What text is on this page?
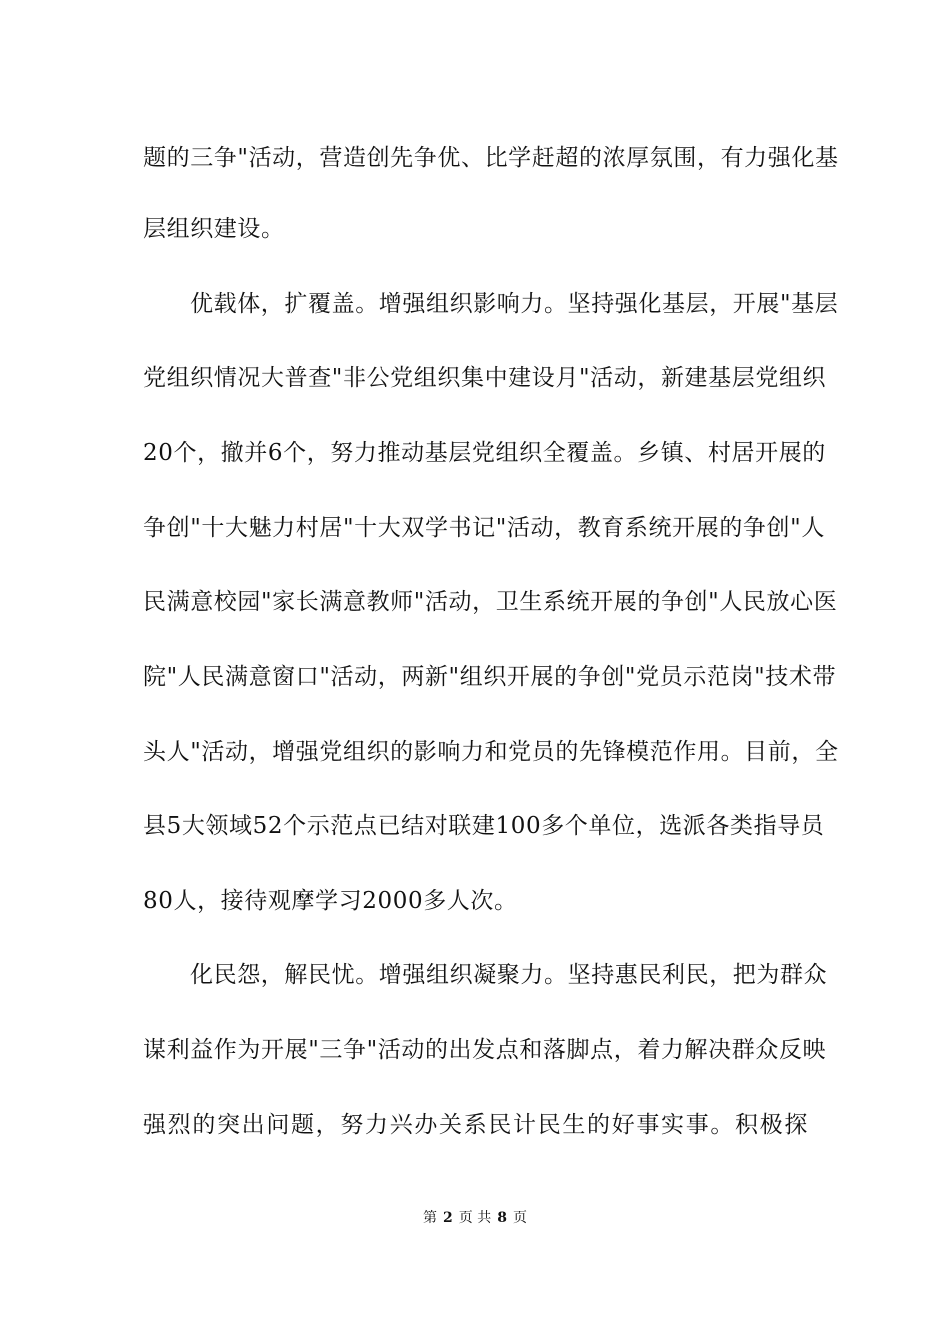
题的三争"活动，营造创先争优、比学赶超的浓厚氛围，有力强化基
层组织建设。
优载体，扩覆盖。增强组织影响力。坚持强化基层，开展"基层
党组织情况大普查"非公党组织集中建设月"活动，新建基层党组织
20个，撤并6个，努力推动基层党组织全覆盖。乡镇、村居开展的
争创"十大魅力村居"十大双学书记"活动，教育系统开展的争创"人
民满意校园"家长满意教师"活动，卫生系统开展的争创"人民放心医
院"人民满意窗口"活动，两新"组织开展的争创"党员示范岗"技术带
头人"活动，增强党组织的影响力和党员的先锋模范作用。目前，全
县5大领域52个示范点已结对联建100多个单位，选派各类指导员
80人，接待观摩学习2000多人次。
化民怨，解民忧。增强组织凝聚力。坚持惠民利民，把为群众
谋利益作为开展"三争"活动的出发点和落脚点，着力解决群众反映
强烈的突出问题，努力兴办关系民计民生的好事实事。积极探
第 2 页 共 8 页
